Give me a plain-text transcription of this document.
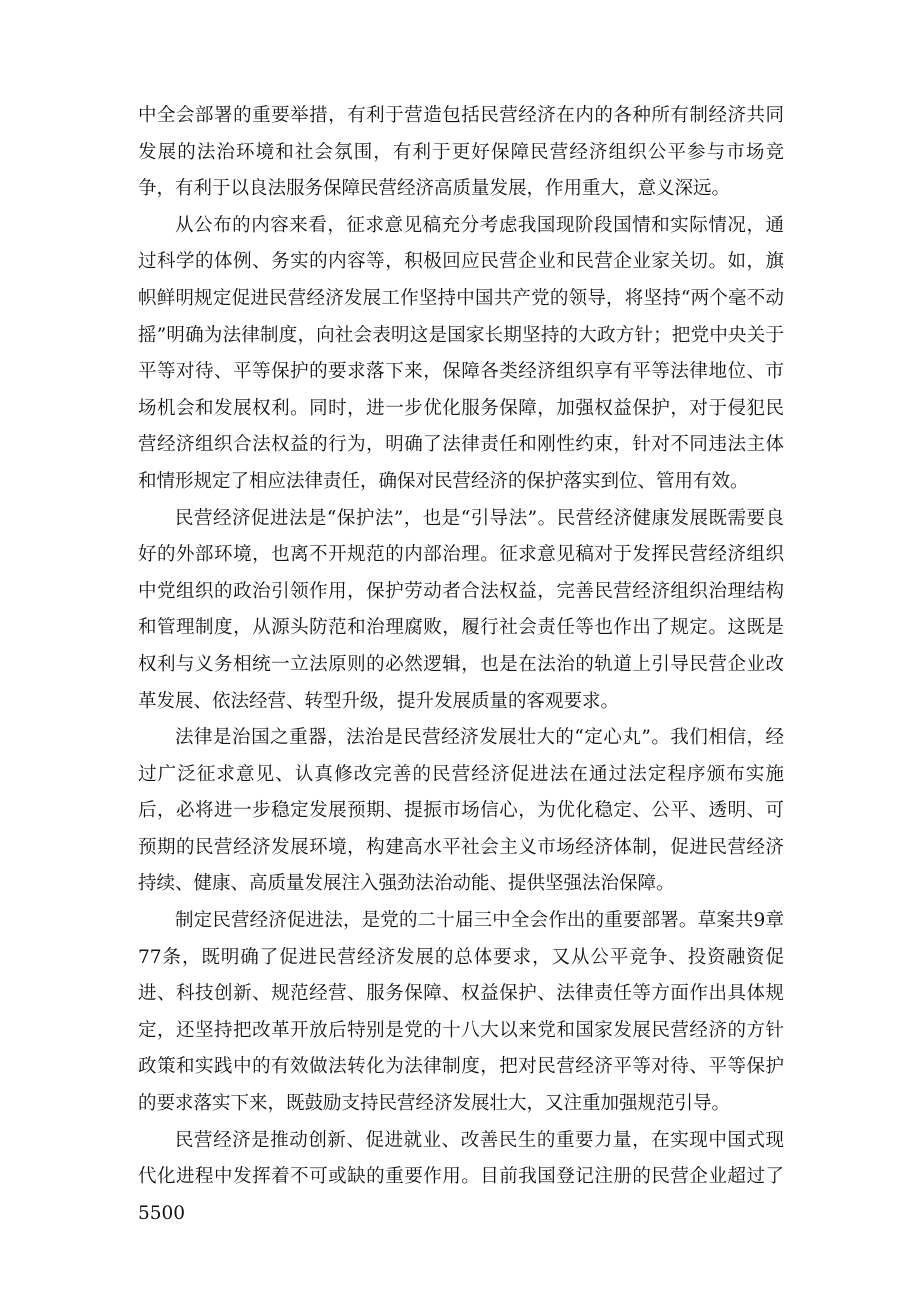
中全会部署的重要举措，有利于营造包括民营经济在内的各种所有制经济共同发展的法治环境和社会氛围，有利于更好保障民营经济组织公平参与市场竞争，有利于以良法服务保障民营经济高质量发展，作用重大，意义深远。

从公布的内容来看，征求意见稿充分考虑我国现阶段国情和实际情况，通过科学的体例、务实的内容等，积极回应民营企业和民营企业家关切。如，旗帜鲜明规定促进民营经济发展工作坚持中国共产党的领导，将坚持“两个毫不动摇”明确为法律制度，向社会表明这是国家长期坚持的大政方针；把党中央关于平等对待、平等保护的要求落下来，保障各类经济组织享有平等法律地位、市场机会和发展权利。同时，进一步优化服务保障，加强权益保护，对于侵犯民营经济组织合法权益的行为，明确了法律责任和刚性约束，针对不同违法主体和情形规定了相应法律责任，确保对民营经济的保护落实到位、管用有效。

民营经济促进法是“保护法”，也是“引导法”。民营经济健康发展既需要良好的外部环境，也离不开规范的内部治理。征求意见稿对于发挥民营经济组织中党组织的政治引领作用，保护劳动者合法权益，完善民营经济组织治理结构和管理制度，从源头防范和治理腐败，履行社会责任等也作出了规定。这既是权利与义务相统一立法原则的必然逻辑，也是在法治的轨道上引导民营企业改革发展、依法经营、转型升级，提升发展质量的客观要求。

法律是治国之重器，法治是民营经济发展壮大的“定心丸”。我们相信，经过广泛征求意见、认真修改完善的民营经济促进法在通过法定程序颁布实施后，必将进一步稳定发展预期、提振市场信心，为优化稳定、公平、透明、可预期的民营经济发展环境，构建高水平社会主义市场经济体制，促进民营经济持续、健康、高质量发展注入强劲法治动能、提供坚强法治保障。

制定民营经济促进法，是党的二十届三中全会作出的重要部署。草案共9章77条，既明确了促进民营经济发展的总体要求，又从公平竞争、投资融资促进、科技创新、规范经营、服务保障、权益保护、法律责任等方面作出具体规定，还坚持把改革开放后特别是党的十八大以来党和国家发展民营经济的方针政策和实践中的有效做法转化为法律制度，把对民营经济平等对待、平等保护的要求落实下来，既鼓励支持民营经济发展壮大，又注重加强规范引导。

民营经济是推动创新、促进就业、改善民生的重要力量，在实现中国式现代化进程中发挥着不可或缺的重要作用。目前我国登记注册的民营企业超过了5500
